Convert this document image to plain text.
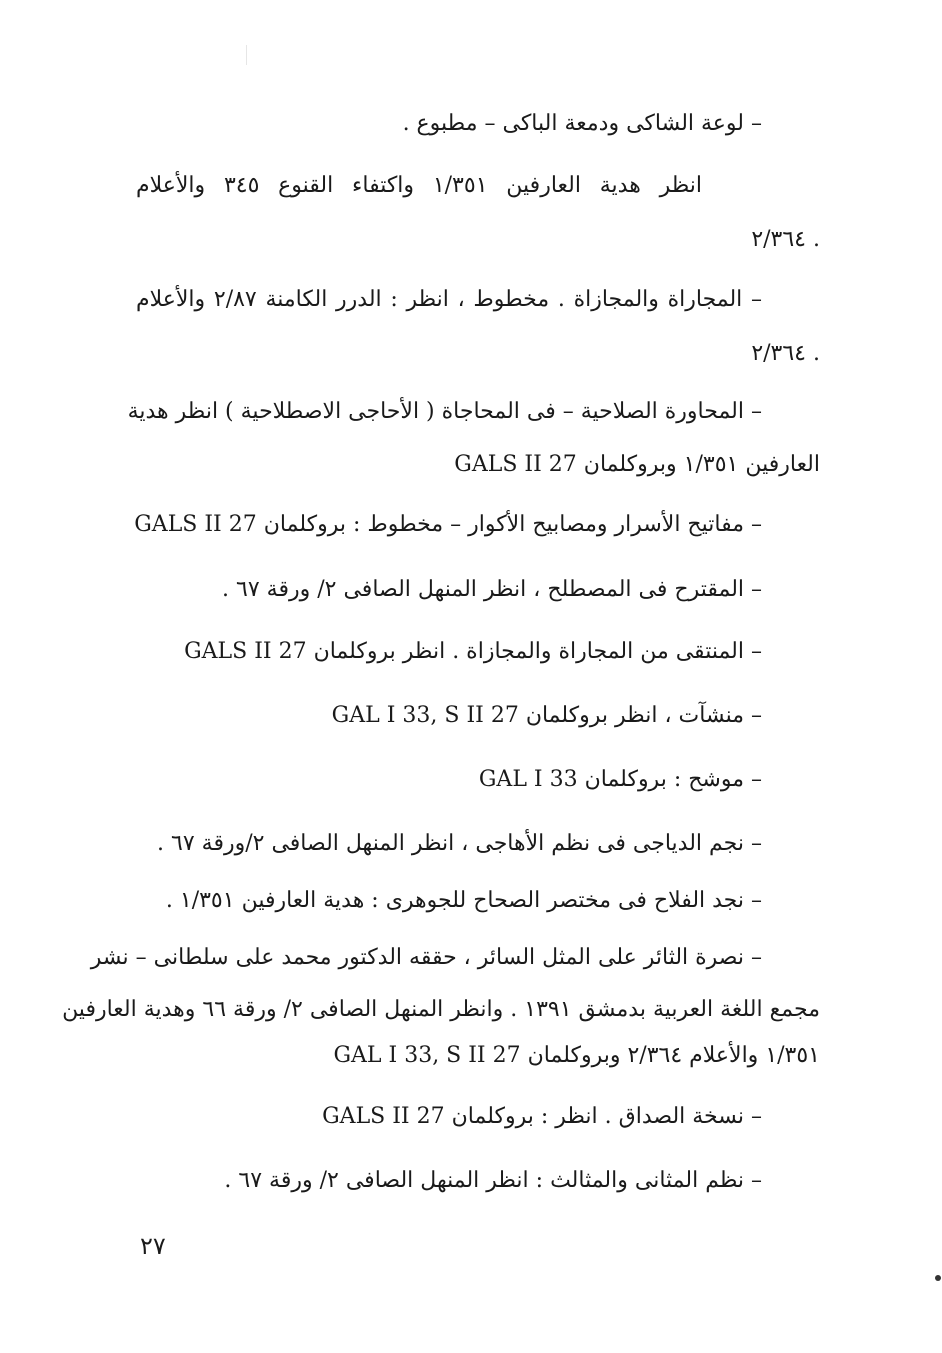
– لوعة الشاكى ودمعة الباكى – مطبوع .
انظر هدية العارفين ١/٣٥١ واكتفاء القنوع ٣٤٥ والأعلام
٢/٣٦٤ .
– المجاراة والمجازاة . مخطوط ، انظر : الدرر الكامنة ٢/٨٧ والأعلام
٢/٣٦٤ .
– المحاورة الصلاحية – فى المحاجاة ( الأحاجى الاصطلاحية ) انظر هدية
العارفين ١/٣٥١ وبروكلمان GALS II 27
– مفاتيح الأسرار ومصابيح الأكوار – مخطوط : بروكلمان GALS II 27
– المقترح فى المصطلح ، انظر المنهل الصافى ٢/ ورقة ٦٧ .
– المنتقى من المجاراة والمجازاة . انظر بروكلمان GALS II 27
– منشآت ، انظر بروكلمان GAL I 33, S II 27
– موشح : بروكلمان GAL I 33
– نجم الدياجى فى نظم الأهاجى ، انظر المنهل الصافى ٢/ورقة ٦٧ .
– نجد الفلاح فى مختصر الصحاح للجوهرى : هدية العارفين ١/٣٥١ .
– نصرة الثائر على المثل السائر ، حققه الدكتور محمد على سلطانى – نشر
مجمع اللغة العربية بدمشق ١٣٩١ . وانظر المنهل الصافى ٢/ ورقة ٦٦ وهدية العارفين
١/٣٥١ والأعلام ٢/٣٦٤ وبروكلمان GAL I 33, S II 27
– نسخة الصداق . انظر : بروكلمان GALS II 27
– نظم المثانى والمثالث : انظر المنهل الصافى ٢/ ورقة ٦٧ .
٢٧
